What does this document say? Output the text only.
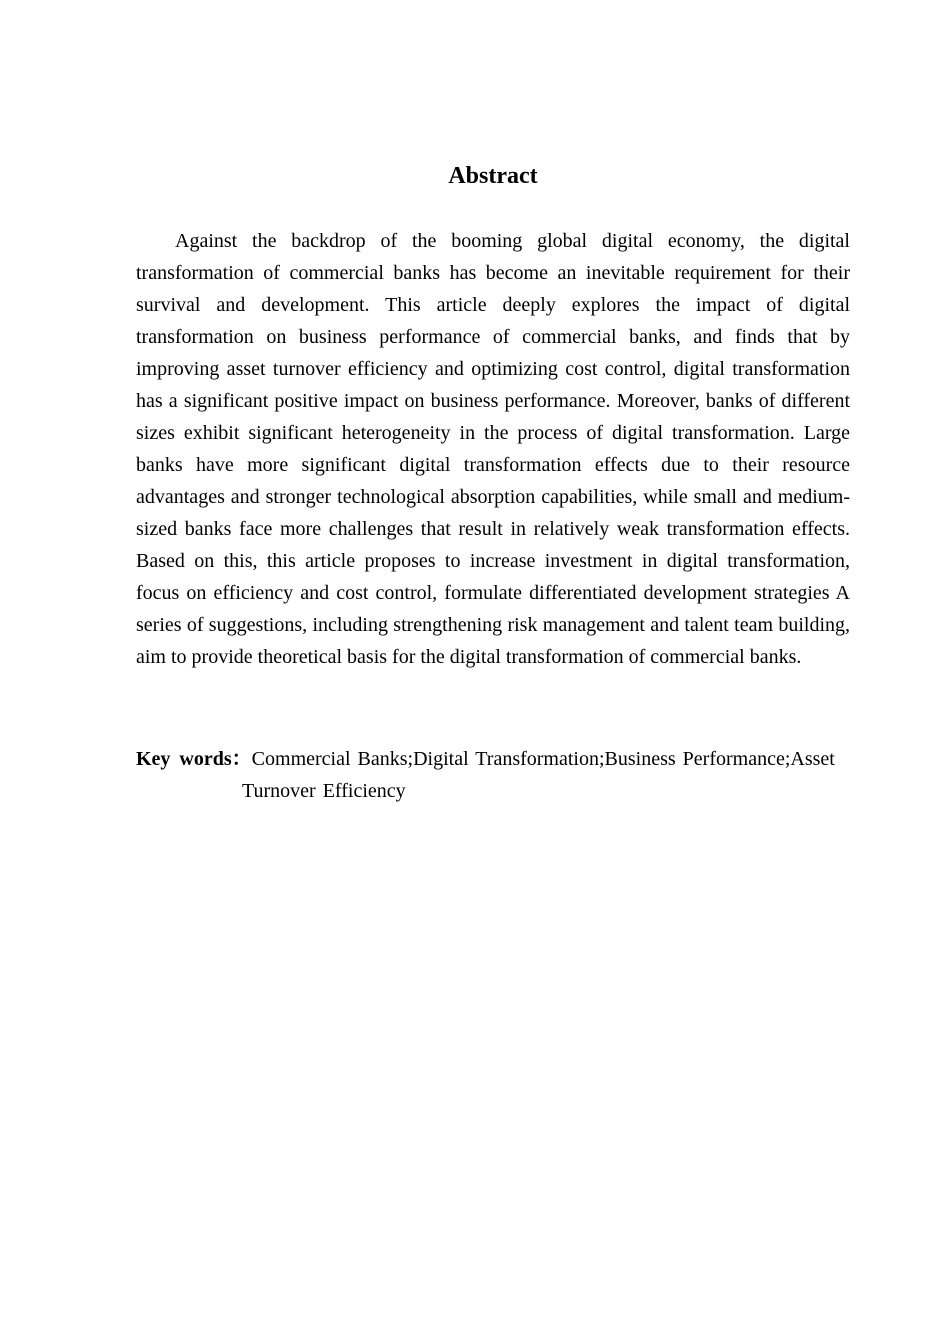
Abstract

Against the backdrop of the booming global digital economy, the digital transformation of commercial banks has become an inevitable requirement for their survival and development. This article deeply explores the impact of digital transformation on business performance of commercial banks, and finds that by improving asset turnover efficiency and optimizing cost control, digital transformation has a significant positive impact on business performance. Moreover, banks of different sizes exhibit significant heterogeneity in the process of digital transformation. Large banks have more significant digital transformation effects due to their resource advantages and stronger technological absorption capabilities, while small and medium-sized banks face more challenges that result in relatively weak transformation effects. Based on this, this article proposes to increase investment in digital transformation, focus on efficiency and cost control, formulate differentiated development strategies A series of suggestions, including strengthening risk management and talent team building, aim to provide theoretical basis for the digital transformation of commercial banks.

Key words：Commercial Banks;Digital Transformation;Business Performance;Asset Turnover Efficiency
